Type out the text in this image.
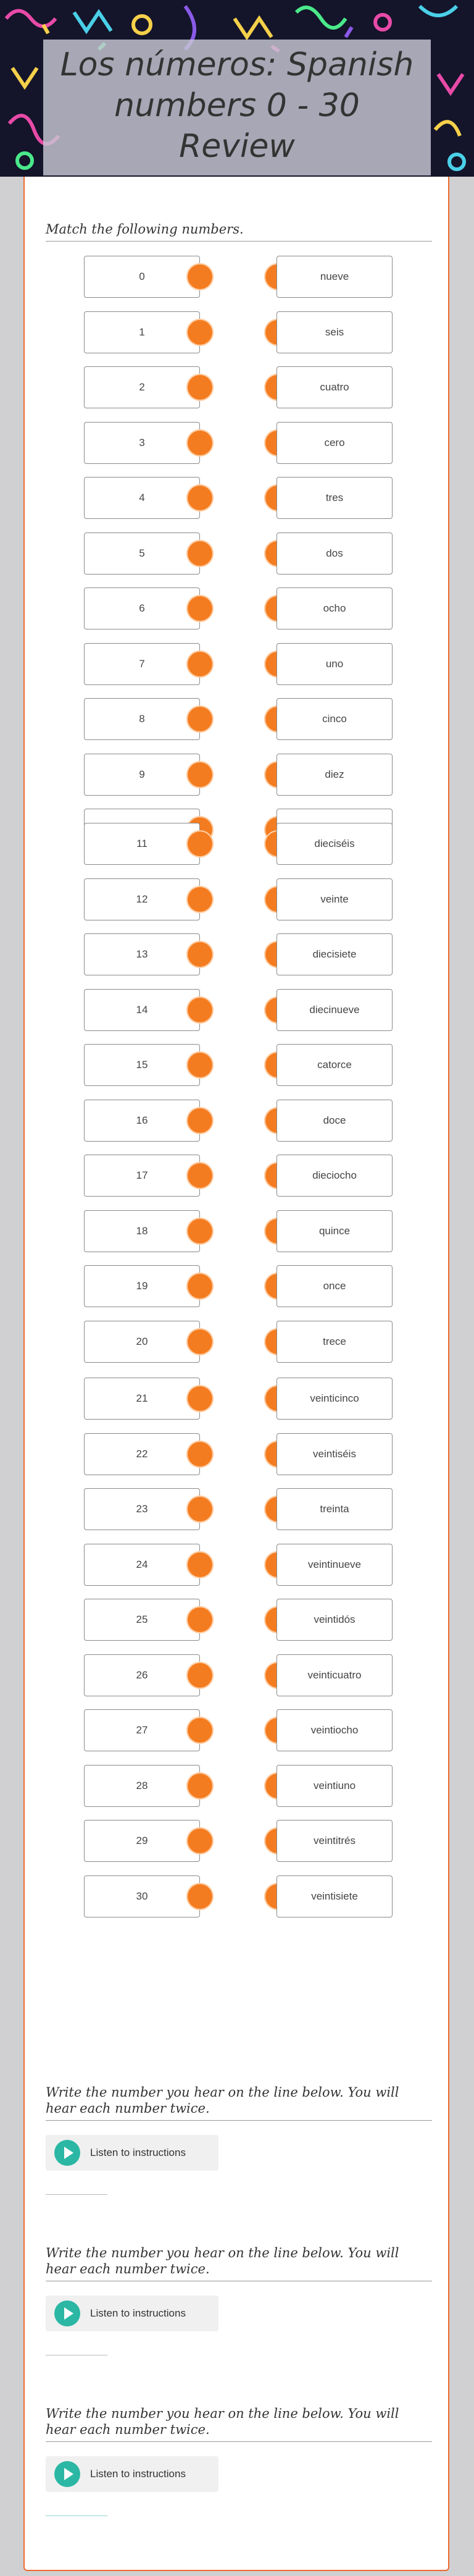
Los números: Spanish numbers 0 - 30 Review
Match the following numbers.
0	nueve
1	seis
2	cuatro
3	cero
4	tres
5	dos
6	ocho
7	uno
8	cinco
9	diez
11	dieciséis
12	veinte
13	diecisiete
14	diecinueve
15	catorce
16	doce
17	dieciocho
18	quince
19	once
20	trece
21	veinticinco
22	veintiséis
23	treinta
24	veintinueve
25	veintidós
26	veinticuatro
27	veintiocho
28	veintiuno
29	veintitrés
30	veintisiete
Write the number you hear on the line below. You will hear each number twice.
Listen to instructions
Write the number you hear on the line below. You will hear each number twice.
Listen to instructions
Write the number you hear on the line below. You will hear each number twice.
Listen to instructions
